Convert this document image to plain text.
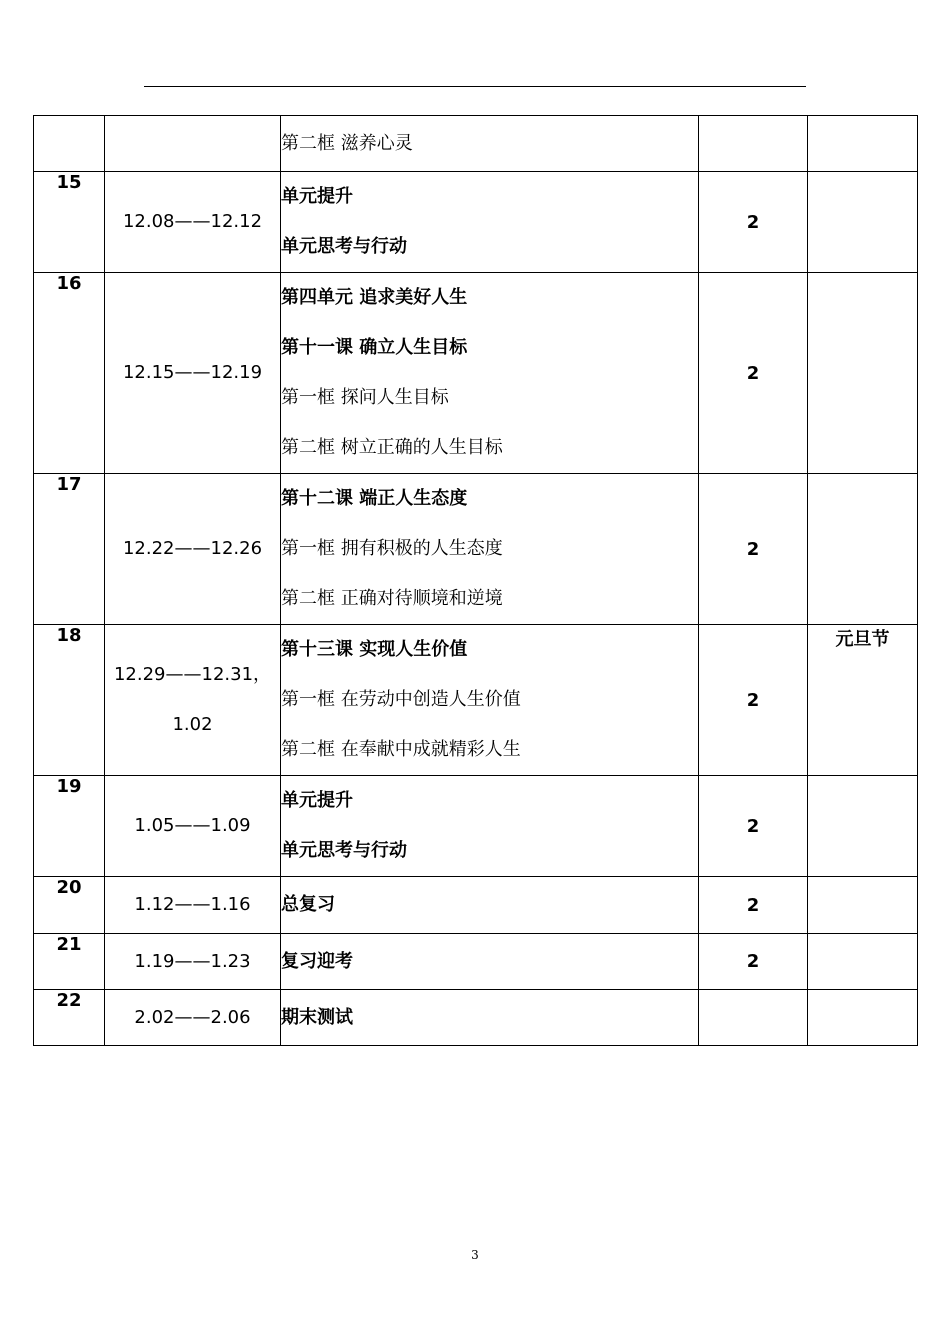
		第二框 滋养心灵		

15	12.08——12.12	单元提升
单元思考与行动	2	
16	12.15——12.19	第四单元 追求美好人生
第十一课 确立人生目标
第一框 探问人生目标
第二框 树立正确的人生目标	2	
17	12.22——12.26	第十二课 端正人生态度
第一框 拥有积极的人生态度
第二框 正确对待顺境和逆境	2	
18	12.29——12.31，
1.02	第十三课 实现人生价值
第一框 在劳动中创造人生价值
第二框 在奉献中成就精彩人生	2	元旦节
19	1.05——1.09	单元提升
单元思考与行动	2	
20	1.12——1.16	总复习	2	
21	1.19——1.23	复习迎考	2	
22	2.02——2.06	期末测试		

3
